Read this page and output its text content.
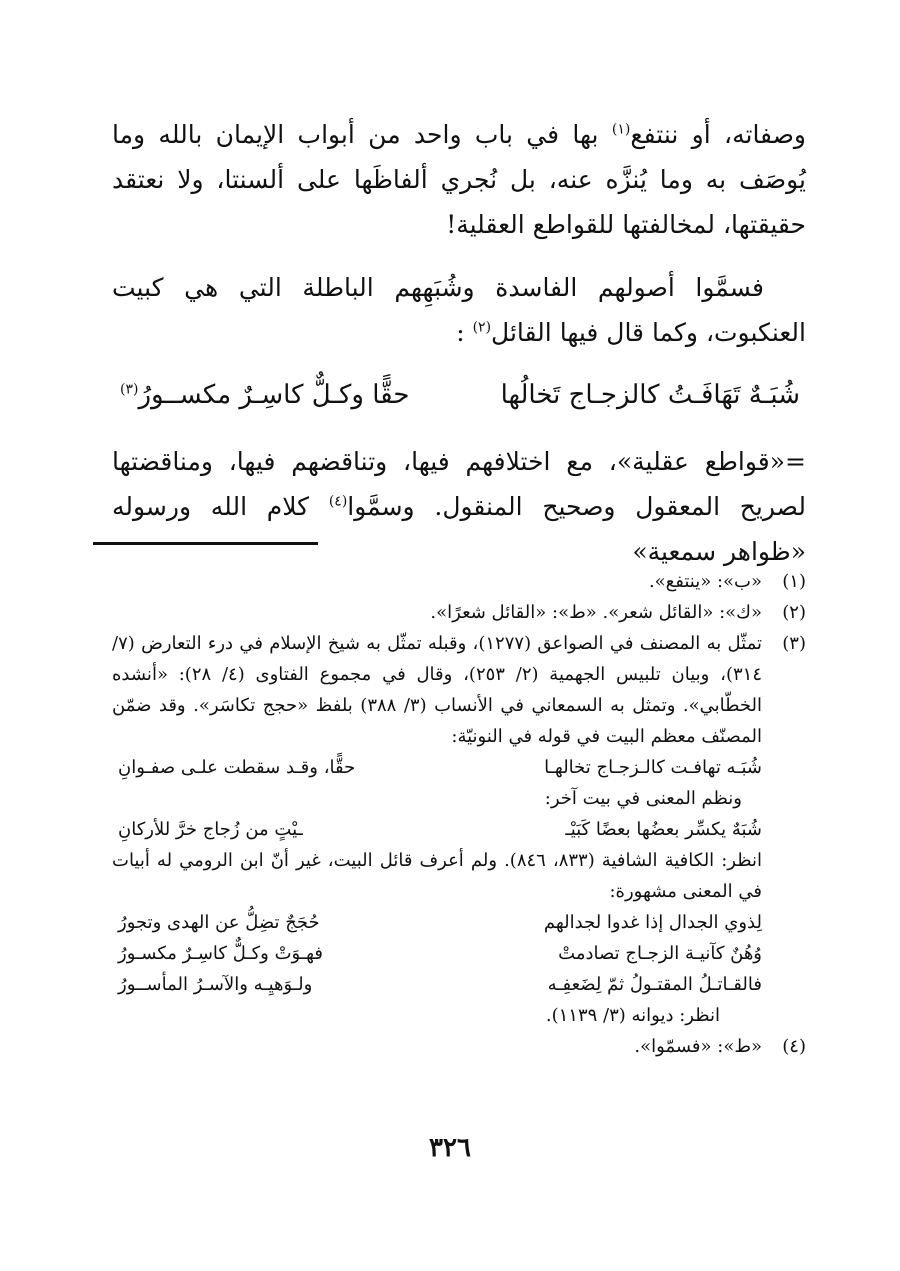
وصفاته، أو ننتفع$^{(١)}$ بها في باب واحد من أبواب الإيمان بالله وما يُوصَف به وما يُنزَّه عنه، بل نُجري ألفاظَها على ألسنتا، ولا نعتقد حقيقتها، لمخالفتها للقواطع العقلية!

فسمَّوا أصولهم الفاسدة وشُبَهِهم الباطلة التي هي كبيت العنكبوت، وكما قال فيها القائل$^{(٢)}$ :

شُبَـهٌ تَهَافَـتُ كالزجـاج تَخالُها
حقًّا وكـلٌّ كاسِـرٌ مكســورُ$^{(٣)}$

=«قواطع عقلية»، مع اختلافهم فيها، وتناقضهم فيها، ومناقضتها لصريح المعقول وصحيح المنقول. وسمَّوا$^{(٤)}$ كلام الله ورسوله «ظواهر سمعية»

(١)
«ب»: «ينتفع».
(٢)
«ك»: «القائل شعر». «ط»: «القائل شعرًا».
(٣)

تمثّل به المصنف في الصواعق (١٢٧٧)، وقبله تمثّل به شيخ الإسلام في درء التعارض (٧/ ٣١٤)، وبيان تلبيس الجهمية (٢/ ٢٥٣)، وقال في مجموع الفتاوى (٤/ ٢٨): «أنشده الخطّابي». وتمثل به السمعاني في الأنساب (٣/ ٣٨٨) بلفظ «حجج تكاسَر». وقد ضمّن المصنّف معظم البيت في قوله في النونيّة:

شُبَـه تهافـت كالـزجـاج تخالهـا
حقًّا، وقـد سقطت علـى صفـوانِ

ونظم المعنى في بيت آخر:

شُبَهٌ يكسِّر بعضُها بعضًا كَبَيْـ
ـيْتٍ من زُجاج خرَّ للأركانِ

انظر: الكافية الشافية (٨٣٣، ٨٤٦). ولم أعرف قائل البيت، غير أنّ ابن الرومي له أبيات في المعنى مشهورة:

لِذوي الجدال إذا غدوا لجدالهم
حُجَجٌ تضِلُّ عن الهدى وتجورُ
وُهُنٌ كآنيـة الزجـاج تصادمتْ
فهـوَتْ وكـلٌّ كاسِـرٌ مكسـورُ
فالقـاتـلُ المقتـولُ ثمّ لِضَعفِـه
ولـوَهيِـه والآسـرُ المأســورُ

انظر: ديوانه (٣/ ١١٣٩).

(٤)
«ط»: «فسمّوا».
٣٢٦
